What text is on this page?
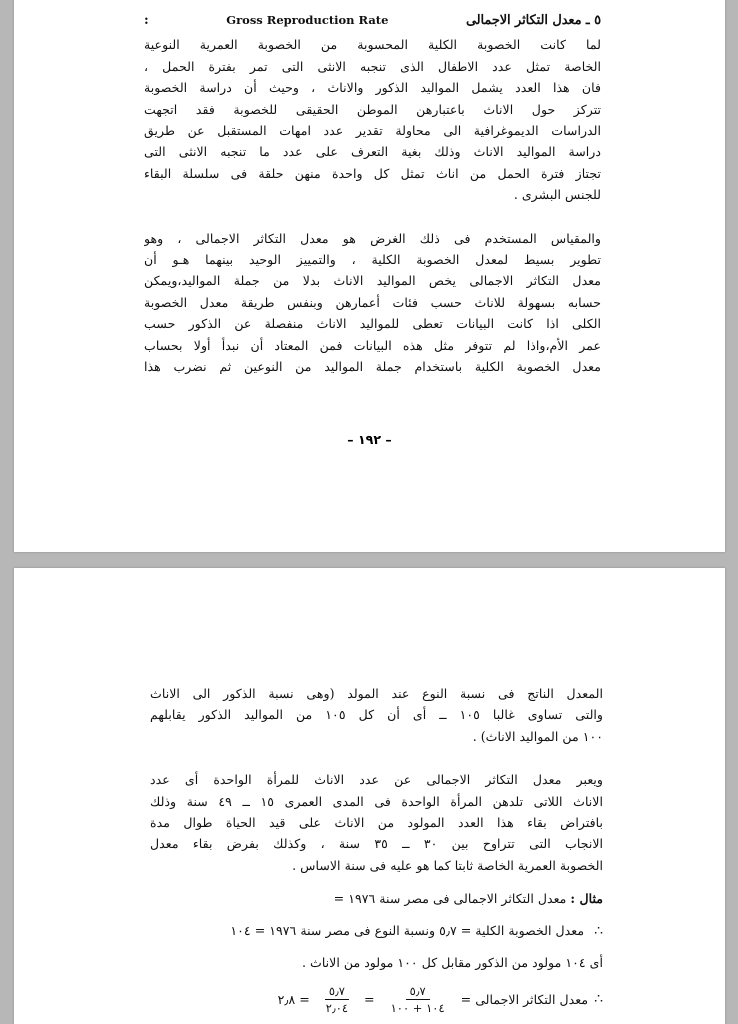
٥ ـ معدل التكاثر الاجمالى
Gross Reproduction Rate
:
لما كانت الخصوبة الكلية المحسوبة من الخصوبة العمرية النوعية
الخاصة تمثل عدد الاطفال الذى تنجبه الانثى التى تمر بفترة الحمل ،
فان هذا العدد يشمل المواليد الذكور والاناث ، وحيث أن دراسة الخصوبة
تتركز حول الاناث باعتبارهن الموطن الحقيقى للخصوبة فقد اتجهت
الدراسات الديموغرافية الى محاولة تقدير عدد امهات المستقبل عن طريق
دراسة المواليد الاناث وذلك بغية التعرف على عدد ما تنجبه الانثى التى
تجتاز فترة الحمل من اناث تمثل كل واحدة منهن حلقة فى سلسلة البقاء
للجنس البشرى .
والمقياس المستخدم فى ذلك الغرض هو معدل التكاثر الاجمالى ، وهو
تطوير بسيط لمعدل الخصوبة الكلية ، والتمييز الوحيد بينهما هـو أن
معدل التكاثر الاجمالى يخص المواليد الاناث بدلا من جملة المواليد،ويمكن
حسابه بسهولة للاناث حسب فئات أعمارهن وبنفس طريقة معدل الخصوبة
الكلى اذا كانت البيانات تعطى للمواليد الاناث منفصلة عن الذكور حسب
عمر الأم،واذا لم تتوفر مثل هذه البيانات فمن المعتاد أن نبدأ أولا بحساب
معدل الخصوبة الكلية باستخدام جملة المواليد من النوعين ثم نضرب هذا
– ١٩٢ –
المعدل الناتج فى نسبة النوع عند المولد (وهى نسبة الذكور الى الاناث
والتى تساوى غالبا ١٠٥ ــ أى أن كل ١٠٥ من المواليد الذكور يقابلهم
١٠٠ من المواليد الاناث) .
ويعبر معدل التكاثر الاجمالى عن عدد الاناث للمرأة الواحدة أى عدد
الاناث اللاتى تلدهن المرأة الواحدة فى المدى العمرى ١٥ ــ ٤٩ سنة وذلك
بافتراض بقاء هذا العدد المولود من الاناث على قيد الحياة طوال مدة
الانجاب التى تتراوح بين ٣٠ ــ ٣٥ سنة ، وكذلك بفرض بقاء معدل
الخصوبة العمرية الخاصة ثابتا كما هو عليه فى سنة الاساس .
مثال : معدل التكاثر الاجمالى فى مصر سنة ١٩٧٦ =
∴ معدل الخصوبة الكلية = ٥٫٧ ونسبة النوع فى مصر سنة ١٩٧٦ = ١٠٤
أى ١٠٤ مولود من الذكور مقابل كل ١٠٠ مولود من الاناث .
∴
معدل التكاثر الاجمالى
=
$\frac{٥٫٧}{١٠٤ + ١٠٠}$
=
$\frac{٥٫٧}{٢٫٠٤}$
=
٢٫٨
